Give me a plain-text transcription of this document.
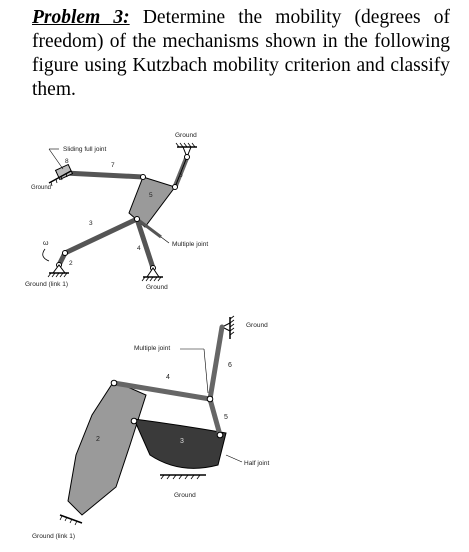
Problem 3: Determine the mobility (degrees of freedom) of the mechanisms shown in the following figure using Kutzbach mobility criterion and classify them.
Ground
ω
Sliding full joint
Ground
Multiple joint
Ground (link 1)	Ground
8
7
6
5
3
4
2
Ground
Multiple joint
Half joint
Ground
Ground (link 1)
2	3
4
5
6
